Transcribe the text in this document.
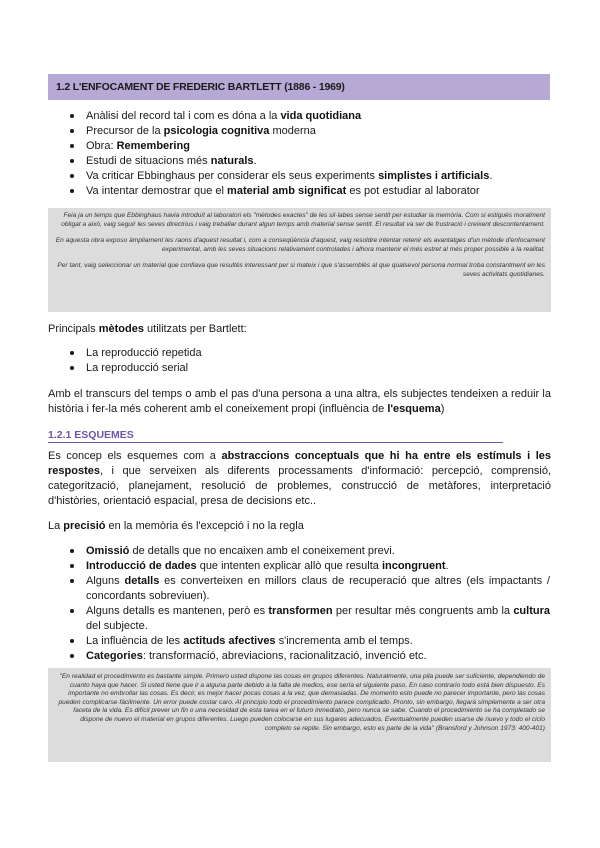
1.2 L'ENFOCAMENT DE FREDERIC BARTLETT (1886 - 1969)
Anàlisi del record tal i com es dóna a la vida quotidiana
Precursor de la psicologia cognitiva moderna
Obra: Remembering
Estudi de situacions més naturals.
Va criticar Ebbinghaus per considerar els seus experiments simplistes i artificials.
Va intentar demostrar que el material amb significat es pot estudiar al laborator

Feia ja un temps que Ebbinghaus havia introduït al laboratori els "mètodes exactes" de les sil·labes sense sentit per estudiar la memòria. Com si estigués moralment obligat a això, vaig seguir les seves directrius i vaig treballar durant algun temps amb material sense sentit. El resultat va ser de frustració i creixent descontentament.

En aquesta obra exposo àmpliament les raons d'aquest resultat i, com a conseqüència d'aquest, vaig resoldre intentar retenir els avantatges d'un mètode d'enfocament experimental, amb les seves situacions relativament controlades i alhora mantenir el més estret al més proper possible a la realitat.

Per tant, vaig seleccionar un material que confiava que resultés interessant per si mateix i que s'assemblés al que qualsevol persona normal troba constantment en les seves activitats quotidianes.

Principals mètodes utilitzats per Bartlett:
La reproducció repetida
La reproducció serial
Amb el transcurs del temps o amb el pas d'una persona a una altra, els subjectes tendeixen a reduir la història i fer-la més coherent amb el coneixement propi (influència de l'esquema)
1.2.1 ESQUEMES
Es concep els esquemes com a abstraccions conceptuals que hi ha entre els estímuls i les respostes, i que serveixen als diferents processaments d'informació: percepció, comprensió, categorització, planejament, resolució de problemes, construcció de metàfores, interpretació d'històries, orientació espacial, presa de decisions etc..
La precisió en la memòria és l'excepció i no la regla
Omissió de detalls que no encaixen amb el coneixement previ.
Introducció de dades que intenten explicar allò que resulta incongruent.
Alguns detalls es converteixen en millors claus de recuperació que altres (els impactants / concordants sobreviuen).
Alguns detalls es mantenen, però es transformen per resultar més congruents amb la cultura del subjecte.
La influència de les actituds afectives s'incrementa amb el temps.
Categories: transformació, abreviacions, racionalització, invenció etc.

"En realidad el procedimiento es bastante simple. Primero usted dispone las cosas en grupos diferentes. Naturalmente, una pila puede ser suficiente, dependiendo de cuanto haya que hacer. Si usted tiene que ir a alguna parte debido a la falta de medios, ese sería el siguiente paso. En caso contrario todo está bien dispuesto. Es importante no embrollar las cosas. Es decir, es mejor hacer pocas cosas a la vez, que demasiadas. De momento esto puede no parecer importante, pero las cosas pueden complicarse fácilmente. Un error puede costar caro. Al principio todo el procedimiento parece complicado. Pronto, sin embargo, llegará simplemente a ser otra faceta de la vida. Es difícil prever un fin o una necesidad de esta tarea en el futuro inmediato, pero nunca se sabe. Cuando el procedimiento se ha completado se dispone de nuevo el material en grupos diferentes. Luego pueden colocarse en sus lugares adecuados. Eventualmente pueden usarse de nuevo y todo el ciclo completo se repite. Sin embargo, esto es parte de la vida" (Bransford y Johnson 1973: 400-401)
